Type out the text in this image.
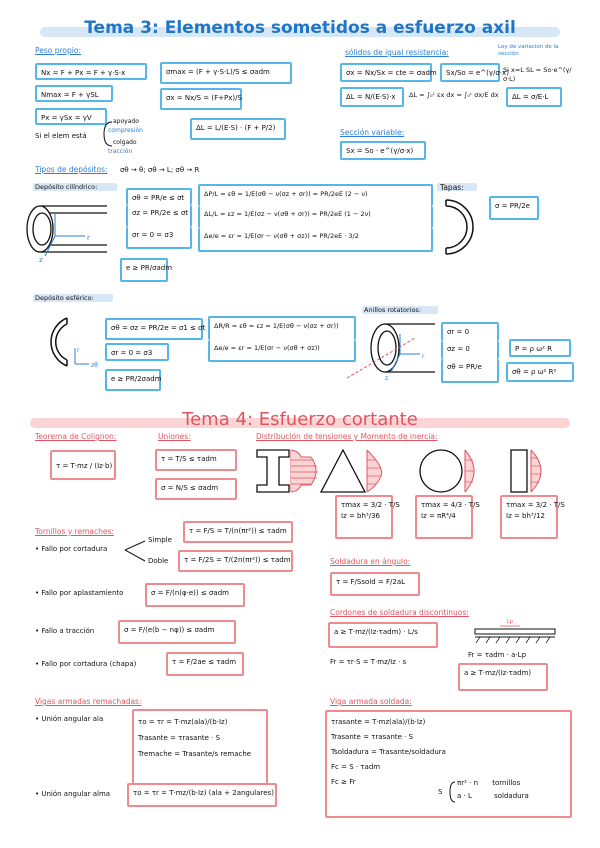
Tema 3: Elementos sometidos a esfuerzo axil
Peso propio:
Nx = F + Px = F + γ·S·x
Nmax = F + γSL
Px = γSx = γV
σmax = (F + γ·S·L)/S ≤ σadm
σx = Nx/S = (F+Px)/S
ΔL = L/(E·S) · (F + P/2)
Si el elem está
apoyado
compresión
colgado
tracción
sólidos de igual resistencia:
Ley de variación de la sección
σx = Nx/Sx = cte = σadm	Sx/So = e^(γ/σ·x)
Si x=L SL = So·e^(γ/σ·L)
ΔL = N/(E·S)·x	ΔL = ∫₀ᴸ εx dx = ∫₀ᴸ σx/E dx	ΔL = σ/E·L
Sección variable:
Sx = So · e^(γ/σ·x)
Tipos de depósitos: σθ → θ; σθ → L; σθ → R
Depósito cilíndrico:
r
z
σθ = PR/e ≤ σt
σz = PR/2e ≤ σt
σr = 0 = σ3
ΔP/L = εθ = 1/E(σθ − ν(σz + σr)) = PR/2eE (2 − ν)
ΔL/L = εz = 1/E(σz − ν(σθ + σr)) = PR/2eE (1 − 2ν)
Δe/e = εr = 1/E(σr − ν(σθ + σz)) = PR/2eE · 3/2
e ≥ PR/σadm
Tapas:
σ = PR/2e
Depósito esférico:
r
zθ
σθ = σz = PR/2e = σ1 ≤ σt
σr = 0 = σ3
ΔR/R = εθ = εz = 1/E(σθ − ν(σz + σr))
Δe/e = εr = 1/E(σr − ν(σθ + σz))
e ≥ PR/2σadm
Anillos rotatorios:
r
z
σr = 0
σz = 0
σθ = PR/e
P = ρ ω² R
σθ = ρ ω² R²
Tema 4: Esfuerzo cortante
Teorema de Colignon:
τ = T·mz / (Iz·b)
Uniones:
τ = T/S ≤ τadm
σ = N/S ≤ σadm
Distribución de tensiones y Momento de inercia:
τmax = 3/2 · T/S
Iz = bh³/36
τmax = 4/3 · T/S
Iz = πR⁴/4
τmax = 3/2 · T/S
Iz = bh³/12
Tornillos y remaches:
• Fallo por cortadura
Simple
Doble
τ = F/S = T/(n(πr²)) ≤ τadm
τ = F/2S = T/(2n(πr²)) ≤ τadm
• Fallo por aplastamiento	σ = F/(n(φ·e)) ≤ σadm
• Fallo a tracción	σ = F/(e(b − nφ)) ≤ σadm
• Fallo por cortadura (chapa)	τ = F/2ae ≤ τadm
Soldadura en ángulo:
τ = F/Ssold = F/2aL
Cordones de soldadura discontinuos:
a ≥ T·mz/(Iz·τadm) · L/s
Fr = τr·S = T·mz/Iz · s
Lp
Fr = τadm · a·Lp
a ≥ T·mz/(Iz·τadm)
Vigas armadas remachadas:
• Unión angular ala	τo = τr = T·mz(ala)/(b·Iz)
Trasante = τrasante · S
Tremache = Trasante/s remache
• Unión angular alma	τo = τr = T·mz/(b·Iz) (ala + 2angulares)
Viga armada soldada:
τrasante = T·mz(ala)/(b·Iz)
Trasante = τrasante · S
Tsoldadura = Trasante/soldadura
Fc = S · τadm
Fc ≥ Fr
S
πr² · n tornillos
a · L	soldadura
